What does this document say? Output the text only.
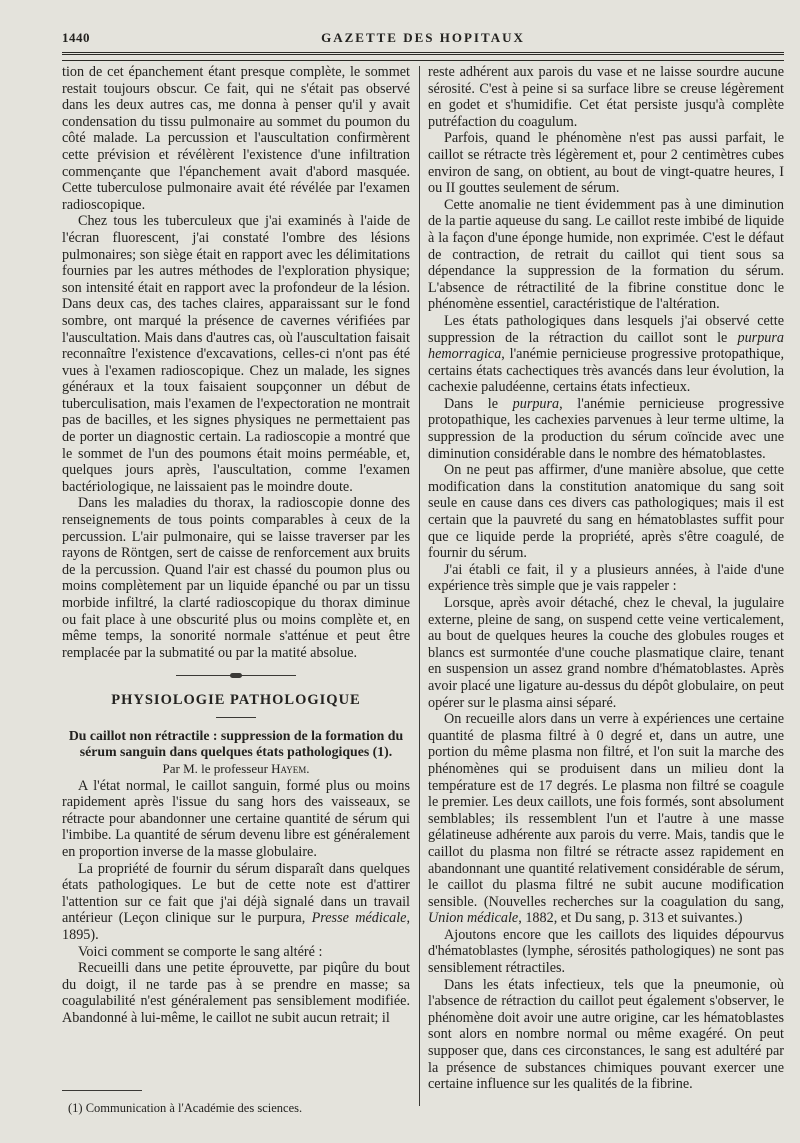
GAZETTE DES HOPITAUX
1440

tion de cet épanchement étant presque complète, le sommet restait toujours obscur. Ce fait, qui ne s'était pas observé dans les deux autres cas, me donna à penser qu'il y avait condensation du tissu pulmonaire au sommet du poumon du côté malade. La percussion et l'auscultation confirmèrent cette prévision et révélèrent l'existence d'une infiltration commençante que l'épanchement avait d'abord masquée. Cette tuberculose pulmonaire avait été révélée par l'examen radioscopique.

Chez tous les tuberculeux que j'ai examinés à l'aide de l'écran fluorescent, j'ai constaté l'ombre des lésions pulmonaires; son siège était en rapport avec les délimitations fournies par les autres méthodes de l'exploration physique; son intensité était en rapport avec la profondeur de la lésion. Dans deux cas, des taches claires, apparaissant sur le fond sombre, ont marqué la présence de cavernes vérifiées par l'auscultation. Mais dans d'autres cas, où l'auscultation faisait reconnaître l'existence d'excavations, celles-ci n'ont pas été vues à l'examen radioscopique. Chez un malade, les signes généraux et la toux faisaient soupçonner un début de tuberculisation, mais l'examen de l'expectoration ne montrait pas de bacilles, et les signes physiques ne permettaient pas de porter un diagnostic certain. La radioscopie a montré que le sommet de l'un des poumons était moins perméable, et, quelques jours après, l'auscultation, comme l'examen bactériologique, ne laissaient pas le moindre doute.

Dans les maladies du thorax, la radioscopie donne des renseignements de tous points comparables à ceux de la percussion. L'air pulmonaire, qui se laisse traverser par les rayons de Röntgen, sert de caisse de renforcement aux bruits de la percussion. Quand l'air est chassé du poumon plus ou moins complètement par un liquide épanché ou par un tissu morbide infiltré, la clarté radioscopique du thorax diminue ou fait place à une obscurité plus ou moins complète et, en même temps, la sonorité normale s'atténue et peut être remplacée par la submatité ou par la matité absolue.

PHYSIOLOGIE PATHOLOGIQUE

Du caillot non rétractile : suppression de la formation du sérum sanguin dans quelques états pathologiques (1).

Par M. le professeur Hayem.

A l'état normal, le caillot sanguin, formé plus ou moins rapidement après l'issue du sang hors des vaisseaux, se rétracte pour abandonner une certaine quantité de sérum qui l'imbibe. La quantité de sérum devenu libre est généralement en proportion inverse de la masse globulaire.

La propriété de fournir du sérum disparaît dans quelques états pathologiques. Le but de cette note est d'attirer l'attention sur ce fait que j'ai déjà signalé dans un travail antérieur (Leçon clinique sur le purpura, Presse médicale, 1895).

Voici comment se comporte le sang altéré :

Recueilli dans une petite éprouvette, par piqûre du bout du doigt, il ne tarde pas à se prendre en masse; sa coagulabilité n'est généralement pas sensiblement modifiée. Abandonné à lui-même, le caillot ne subit aucun retrait; il

(1) Communication à l'Académie des sciences.

reste adhérent aux parois du vase et ne laisse sourdre aucune sérosité. C'est à peine si sa surface libre se creuse légèrement en godet et s'humidifie. Cet état persiste jusqu'à complète putréfaction du coagulum.

Parfois, quand le phénomène n'est pas aussi parfait, le caillot se rétracte très légèrement et, pour 2 centimètres cubes environ de sang, on obtient, au bout de vingt-quatre heures, I ou II gouttes seulement de sérum.

Cette anomalie ne tient évidemment pas à une diminution de la partie aqueuse du sang. Le caillot reste imbibé de liquide à la façon d'une éponge humide, non exprimée. C'est le défaut de contraction, de retrait du caillot qui tient sous sa dépendance la suppression de la formation du sérum. L'absence de rétractilité de la fibrine constitue donc le phénomène essentiel, caractéristique de l'altération.

Les états pathologiques dans lesquels j'ai observé cette suppression de la rétraction du caillot sont le purpura hemorragica, l'anémie pernicieuse progressive protopathique, certains états cachectiques très avancés dans leur évolution, la cachexie paludéenne, certains états infectieux.

Dans le purpura, l'anémie pernicieuse progressive protopathique, les cachexies parvenues à leur terme ultime, la suppression de la production du sérum coïncide avec une diminution considérable dans le nombre des hématoblastes.

On ne peut pas affirmer, d'une manière absolue, que cette modification dans la constitution anatomique du sang soit seule en cause dans ces divers cas pathologiques; mais il est certain que la pauvreté du sang en hématoblastes suffit pour que ce liquide perde la propriété, après s'être coagulé, de fournir du sérum.

J'ai établi ce fait, il y a plusieurs années, à l'aide d'une expérience très simple que je vais rappeler :

Lorsque, après avoir détaché, chez le cheval, la jugulaire externe, pleine de sang, on suspend cette veine verticalement, au bout de quelques heures la couche des globules rouges et blancs est surmontée d'une couche plasmatique claire, tenant en suspension un assez grand nombre d'hématoblastes. Après avoir placé une ligature au-dessus du dépôt globulaire, on peut opérer sur le plasma ainsi séparé.

On recueille alors dans un verre à expériences une certaine quantité de plasma filtré à 0 degré et, dans un autre, une portion du même plasma non filtré, et l'on suit la marche des phénomènes qui se produisent dans un milieu dont la température est de 17 degrés. Le plasma non filtré se coagule le premier. Les deux caillots, une fois formés, sont absolument semblables; ils ressemblent l'un et l'autre à une masse gélatineuse adhérente aux parois du verre. Mais, tandis que le caillot du plasma non filtré se rétracte assez rapidement en abandonnant une quantité relativement considérable de sérum, le caillot du plasma filtré ne subit aucune modification sensible. (Nouvelles recherches sur la coagulation du sang, Union médicale, 1882, et Du sang, p. 313 et suivantes.)

Ajoutons encore que les caillots des liquides dépourvus d'hématoblastes (lymphe, sérosités pathologiques) ne sont pas sensiblement rétractiles.

Dans les états infectieux, tels que la pneumonie, où l'absence de rétraction du caillot peut également s'observer, le phénomène doit avoir une autre origine, car les hématoblastes sont alors en nombre normal ou même exagéré. On peut supposer que, dans ces circonstances, le sang est adultéré par la présence de substances chimiques pouvant exercer une certaine influence sur les qualités de la fibrine.
